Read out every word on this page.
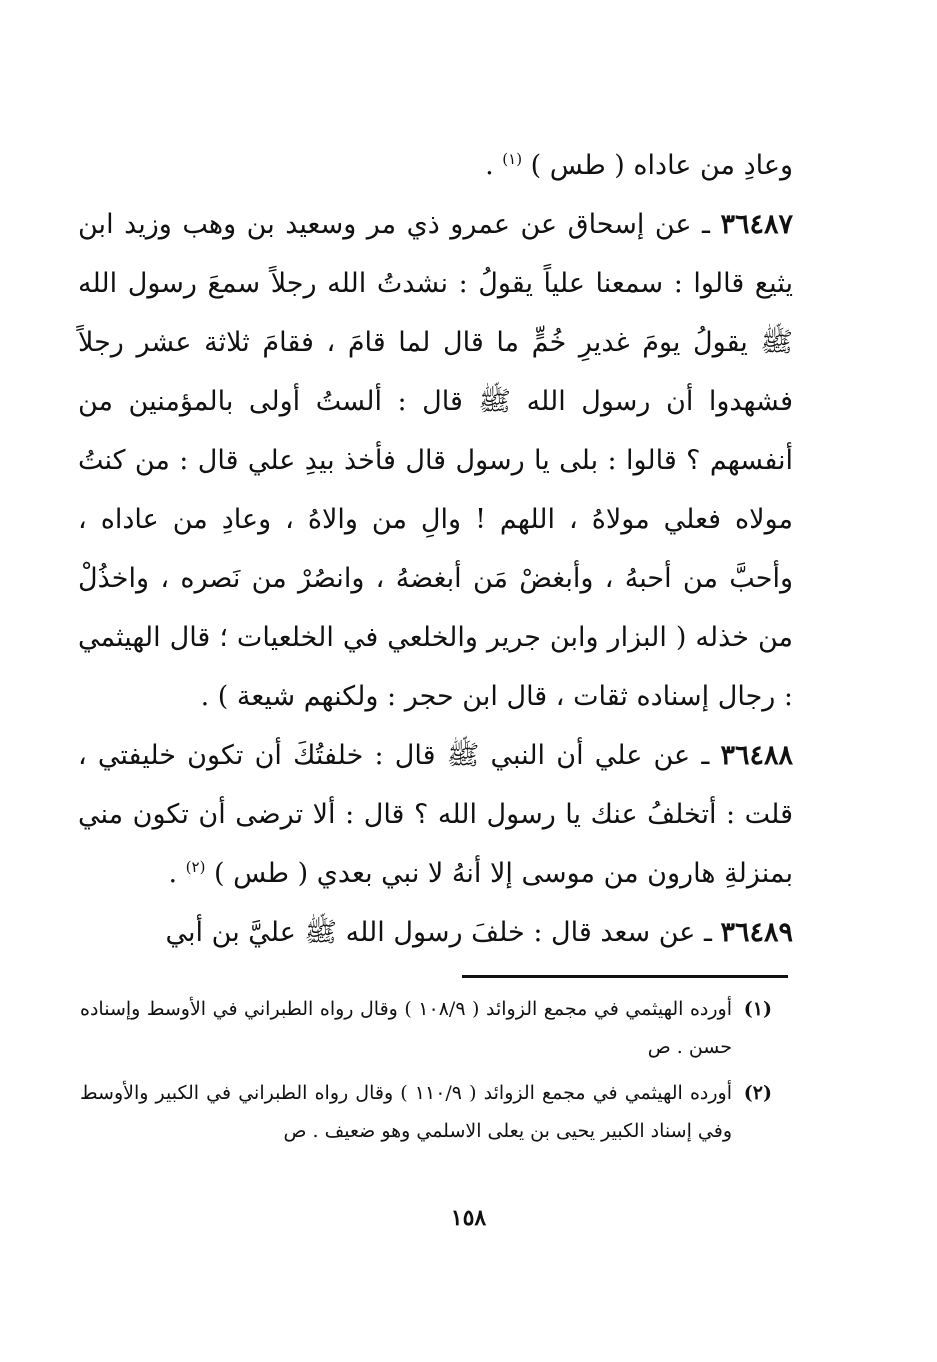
وعادِ من عاداه ( طس ) $^{(١)}$ .

٣٦٤٨٧ ـ عن إسحاق عن عمرو ذي مر وسعيد بن وهب وزيد ابن يثيع قالوا : سمعنا علياً يقولُ : نشدتُ الله رجلاً سمعَ رسول الله ﷺ يقولُ يومَ غديرِ خُمٍّ ما قال لما قامَ ، فقامَ ثلاثة عشر رجلاً فشهدوا أن رسول الله ﷺ قال : ألستُ أولى بالمؤمنين من أنفسهم ؟ قالوا : بلى يا رسول قال فأخذ بيدِ علي قال : من كنتُ مولاه فعلي مولاهُ ، اللهم ! والِ من والاهُ ، وعادِ من عاداه ، وأحبَّ من أحبهُ ، وأبغضْ مَن أبغضهُ ، وانصُرْ من نَصره ، واخذُلْ من خذله ( البزار وابن جرير والخلعي في الخلعيات ؛ قال الهيثمي : رجال إسناده ثقات ، قال ابن حجر : ولكنهم شيعة ) .

٣٦٤٨٨ ـ عن علي أن النبي ﷺ قال : خلفتُكَ أن تكون خليفتي ، قلت : أتخلفُ عنك يا رسول الله ؟ قال : ألا ترضى أن تكون مني بمنزلةِ هارون من موسى إلا أنهُ لا نبي بعدي ( طس ) $^{(٢)}$ .

٣٦٤٨٩ ـ عن سعد قال : خلفَ رسول الله ﷺ عليَّ بن أبي

(١)
أورده الهيثمي في مجمع الزوائد ( ١٠٨/٩ ) وقال رواه الطبراني في الأوسط وإسناده حسن . ص

(٢)
أورده الهيثمي في مجمع الزوائد ( ١١٠/٩ ) وقال رواه الطبراني في الكبير والأوسط وفي إسناد الكبير يحيى بن يعلى الاسلمي وهو ضعيف . ص

١٥٨
